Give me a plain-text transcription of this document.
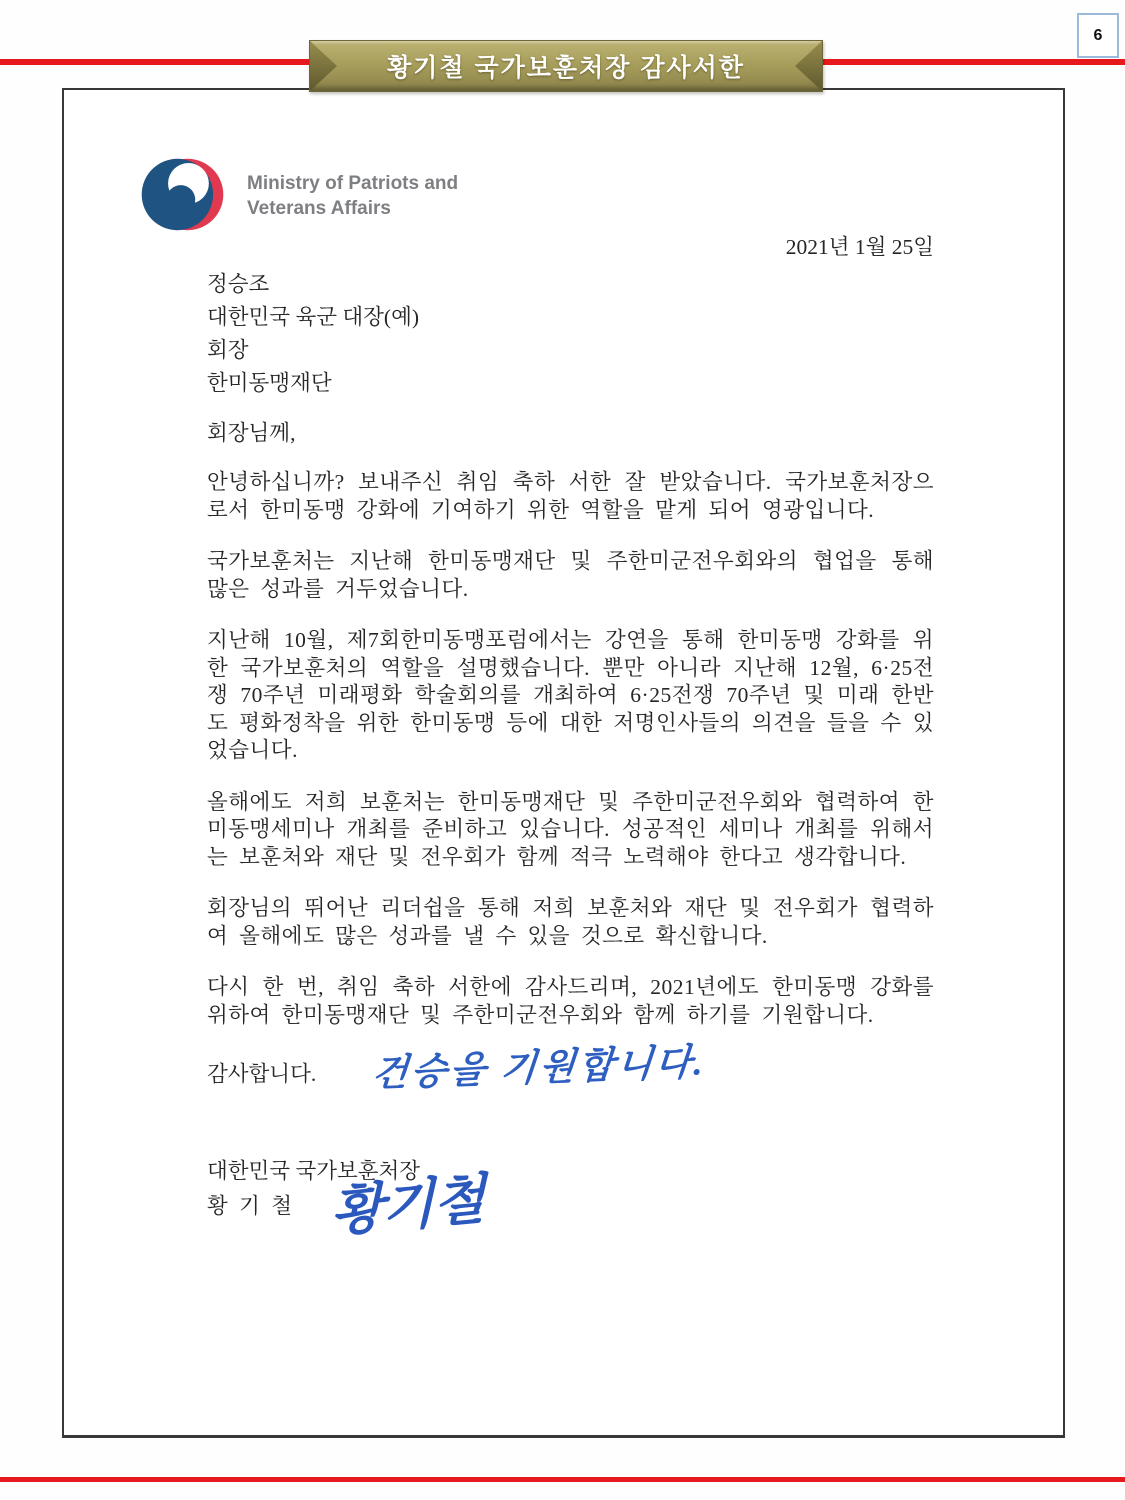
6
황기철 국가보훈처장 감사서한
Ministry of Patriots and
Veterans Affairs
2021년 1월 25일
정승조
대한민국 육군 대장(예)
회장
한미동맹재단
회장님께,

안녕하십니까? 보내주신 취임 축하 서한 잘 받았습니다. 국가보훈처장으로서 한미동맹 강화에 기여하기 위한 역할을 맡게 되어 영광입니다.

국가보훈처는 지난해 한미동맹재단 및 주한미군전우회와의 협업을 통해 많은 성과를 거두었습니다.

지난해 10월, 제7회한미동맹포럼에서는 강연을 통해 한미동맹 강화를 위한 국가보훈처의 역할을 설명했습니다. 뿐만 아니라 지난해 12월, 6·25전쟁 70주년 미래평화 학술회의를 개최하여 6·25전쟁 70주년 및 미래 한반도 평화정착을 위한 한미동맹 등에 대한 저명인사들의 의견을 들을 수 있었습니다.

올해에도 저희 보훈처는 한미동맹재단 및 주한미군전우회와 협력하여 한미동맹세미나 개최를 준비하고 있습니다. 성공적인 세미나 개최를 위해서는 보훈처와 재단 및 전우회가 함께 적극 노력해야 한다고 생각합니다.

회장님의 뛰어난 리더쉽을 통해 저희 보훈처와 재단 및 전우회가 협력하여 올해에도 많은 성과를 낼 수 있을 것으로 확신합니다.

다시 한 번, 취임 축하 서한에 감사드리며, 2021년에도 한미동맹 강화를 위하여 한미동맹재단 및 주한미군전우회와 함께 하기를 기원합니다.

감사합니다. 건승을 기원합니다.
대한민국 국가보훈처장
황 기 철 황기철
